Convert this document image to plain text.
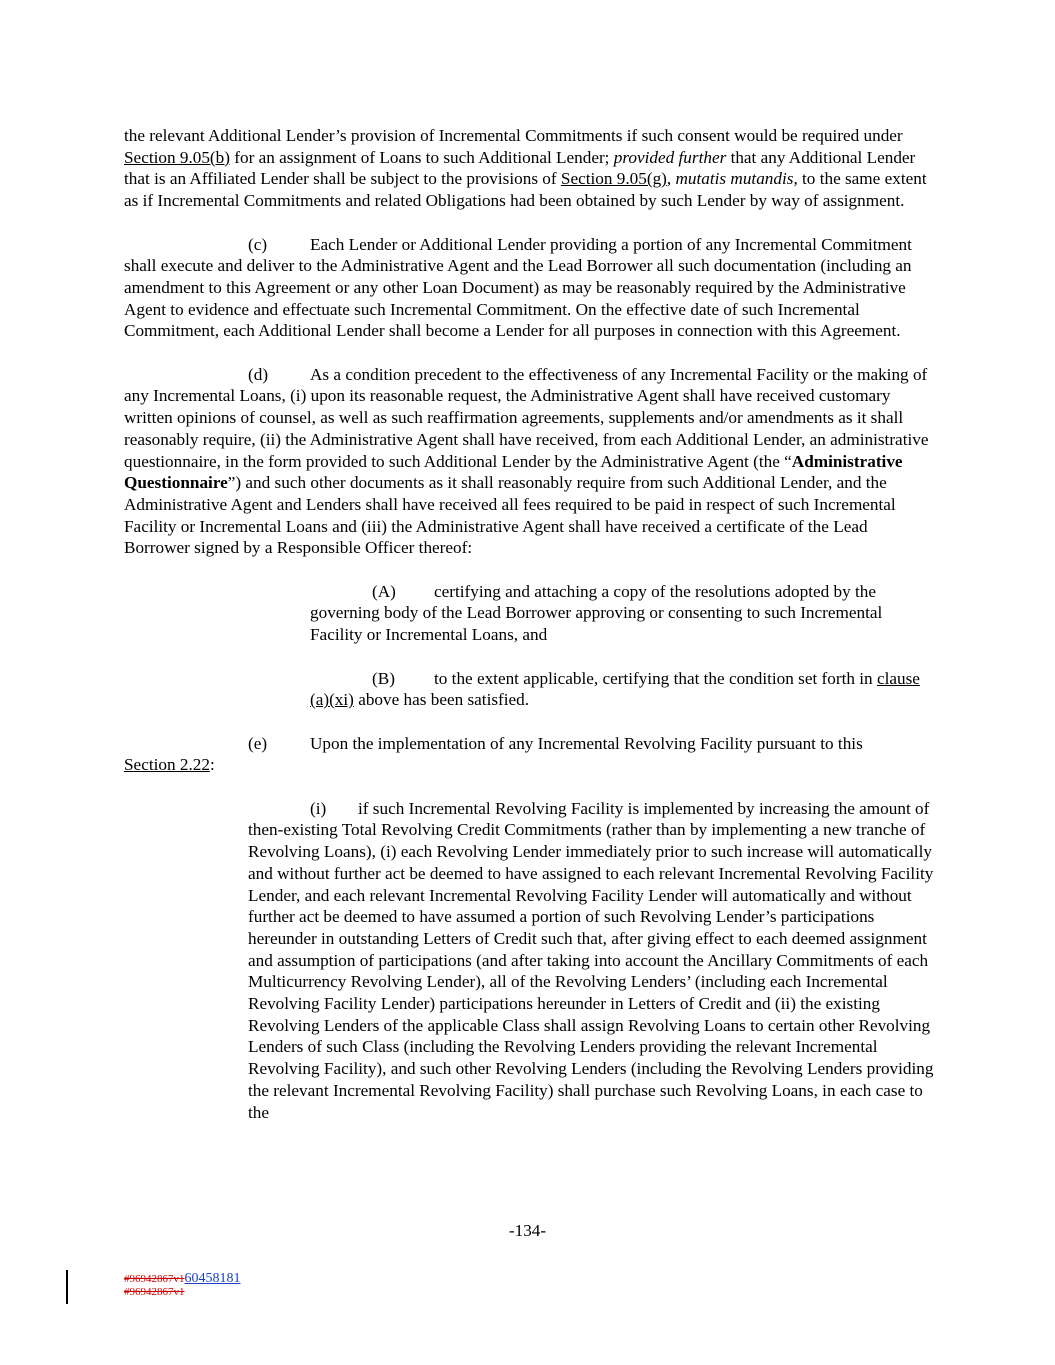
the relevant Additional Lender’s provision of Incremental Commitments if such consent would be required under Section 9.05(b) for an assignment of Loans to such Additional Lender; provided further that any Additional Lender that is an Affiliated Lender shall be subject to the provisions of Section 9.05(g), mutatis mutandis, to the same extent as if Incremental Commitments and related Obligations had been obtained by such Lender by way of assignment.

(c) Each Lender or Additional Lender providing a portion of any Incremental Commitment shall execute and deliver to the Administrative Agent and the Lead Borrower all such documentation (including an amendment to this Agreement or any other Loan Document) as may be reasonably required by the Administrative Agent to evidence and effectuate such Incremental Commitment. On the effective date of such Incremental Commitment, each Additional Lender shall become a Lender for all purposes in connection with this Agreement.

(d) As a condition precedent to the effectiveness of any Incremental Facility or the making of any Incremental Loans, (i) upon its reasonable request, the Administrative Agent shall have received customary written opinions of counsel, as well as such reaffirmation agreements, supplements and/or amendments as it shall reasonably require, (ii) the Administrative Agent shall have received, from each Additional Lender, an administrative questionnaire, in the form provided to such Additional Lender by the Administrative Agent (the “Administrative Questionnaire”) and such other documents as it shall reasonably require from such Additional Lender, and the Administrative Agent and Lenders shall have received all fees required to be paid in respect of such Incremental Facility or Incremental Loans and (iii) the Administrative Agent shall have received a certificate of the Lead Borrower signed by a Responsible Officer thereof:

(A) certifying and attaching a copy of the resolutions adopted by the governing body of the Lead Borrower approving or consenting to such Incremental Facility or Incremental Loans, and

(B) to the extent applicable, certifying that the condition set forth in clause (a)(xi) above has been satisfied.

(e) Upon the implementation of any Incremental Revolving Facility pursuant to this
Section 2.22:

(i) if such Incremental Revolving Facility is implemented by increasing the amount of then-existing Total Revolving Credit Commitments (rather than by implementing a new tranche of Revolving Loans), (i) each Revolving Lender immediately prior to such increase will automatically and without further act be deemed to have assigned to each relevant Incremental Revolving Facility Lender, and each relevant Incremental Revolving Facility Lender will automatically and without further act be deemed to have assumed a portion of such Revolving Lender’s participations hereunder in outstanding Letters of Credit such that, after giving effect to each deemed assignment and assumption of participations (and after taking into account the Ancillary Commitments of each Multicurrency Revolving Lender), all of the Revolving Lenders’ (including each Incremental Revolving Facility Lender) participations hereunder in Letters of Credit and (ii) the existing Revolving Lenders of the applicable Class shall assign Revolving Loans to certain other Revolving Lenders of such Class (including the Revolving Lenders providing the relevant Incremental Revolving Facility), and such other Revolving Lenders (including the Revolving Lenders providing the relevant Incremental Revolving Facility) shall purchase such Revolving Loans, in each case to the

-134-
#96942867v160458181
#96942867v1
